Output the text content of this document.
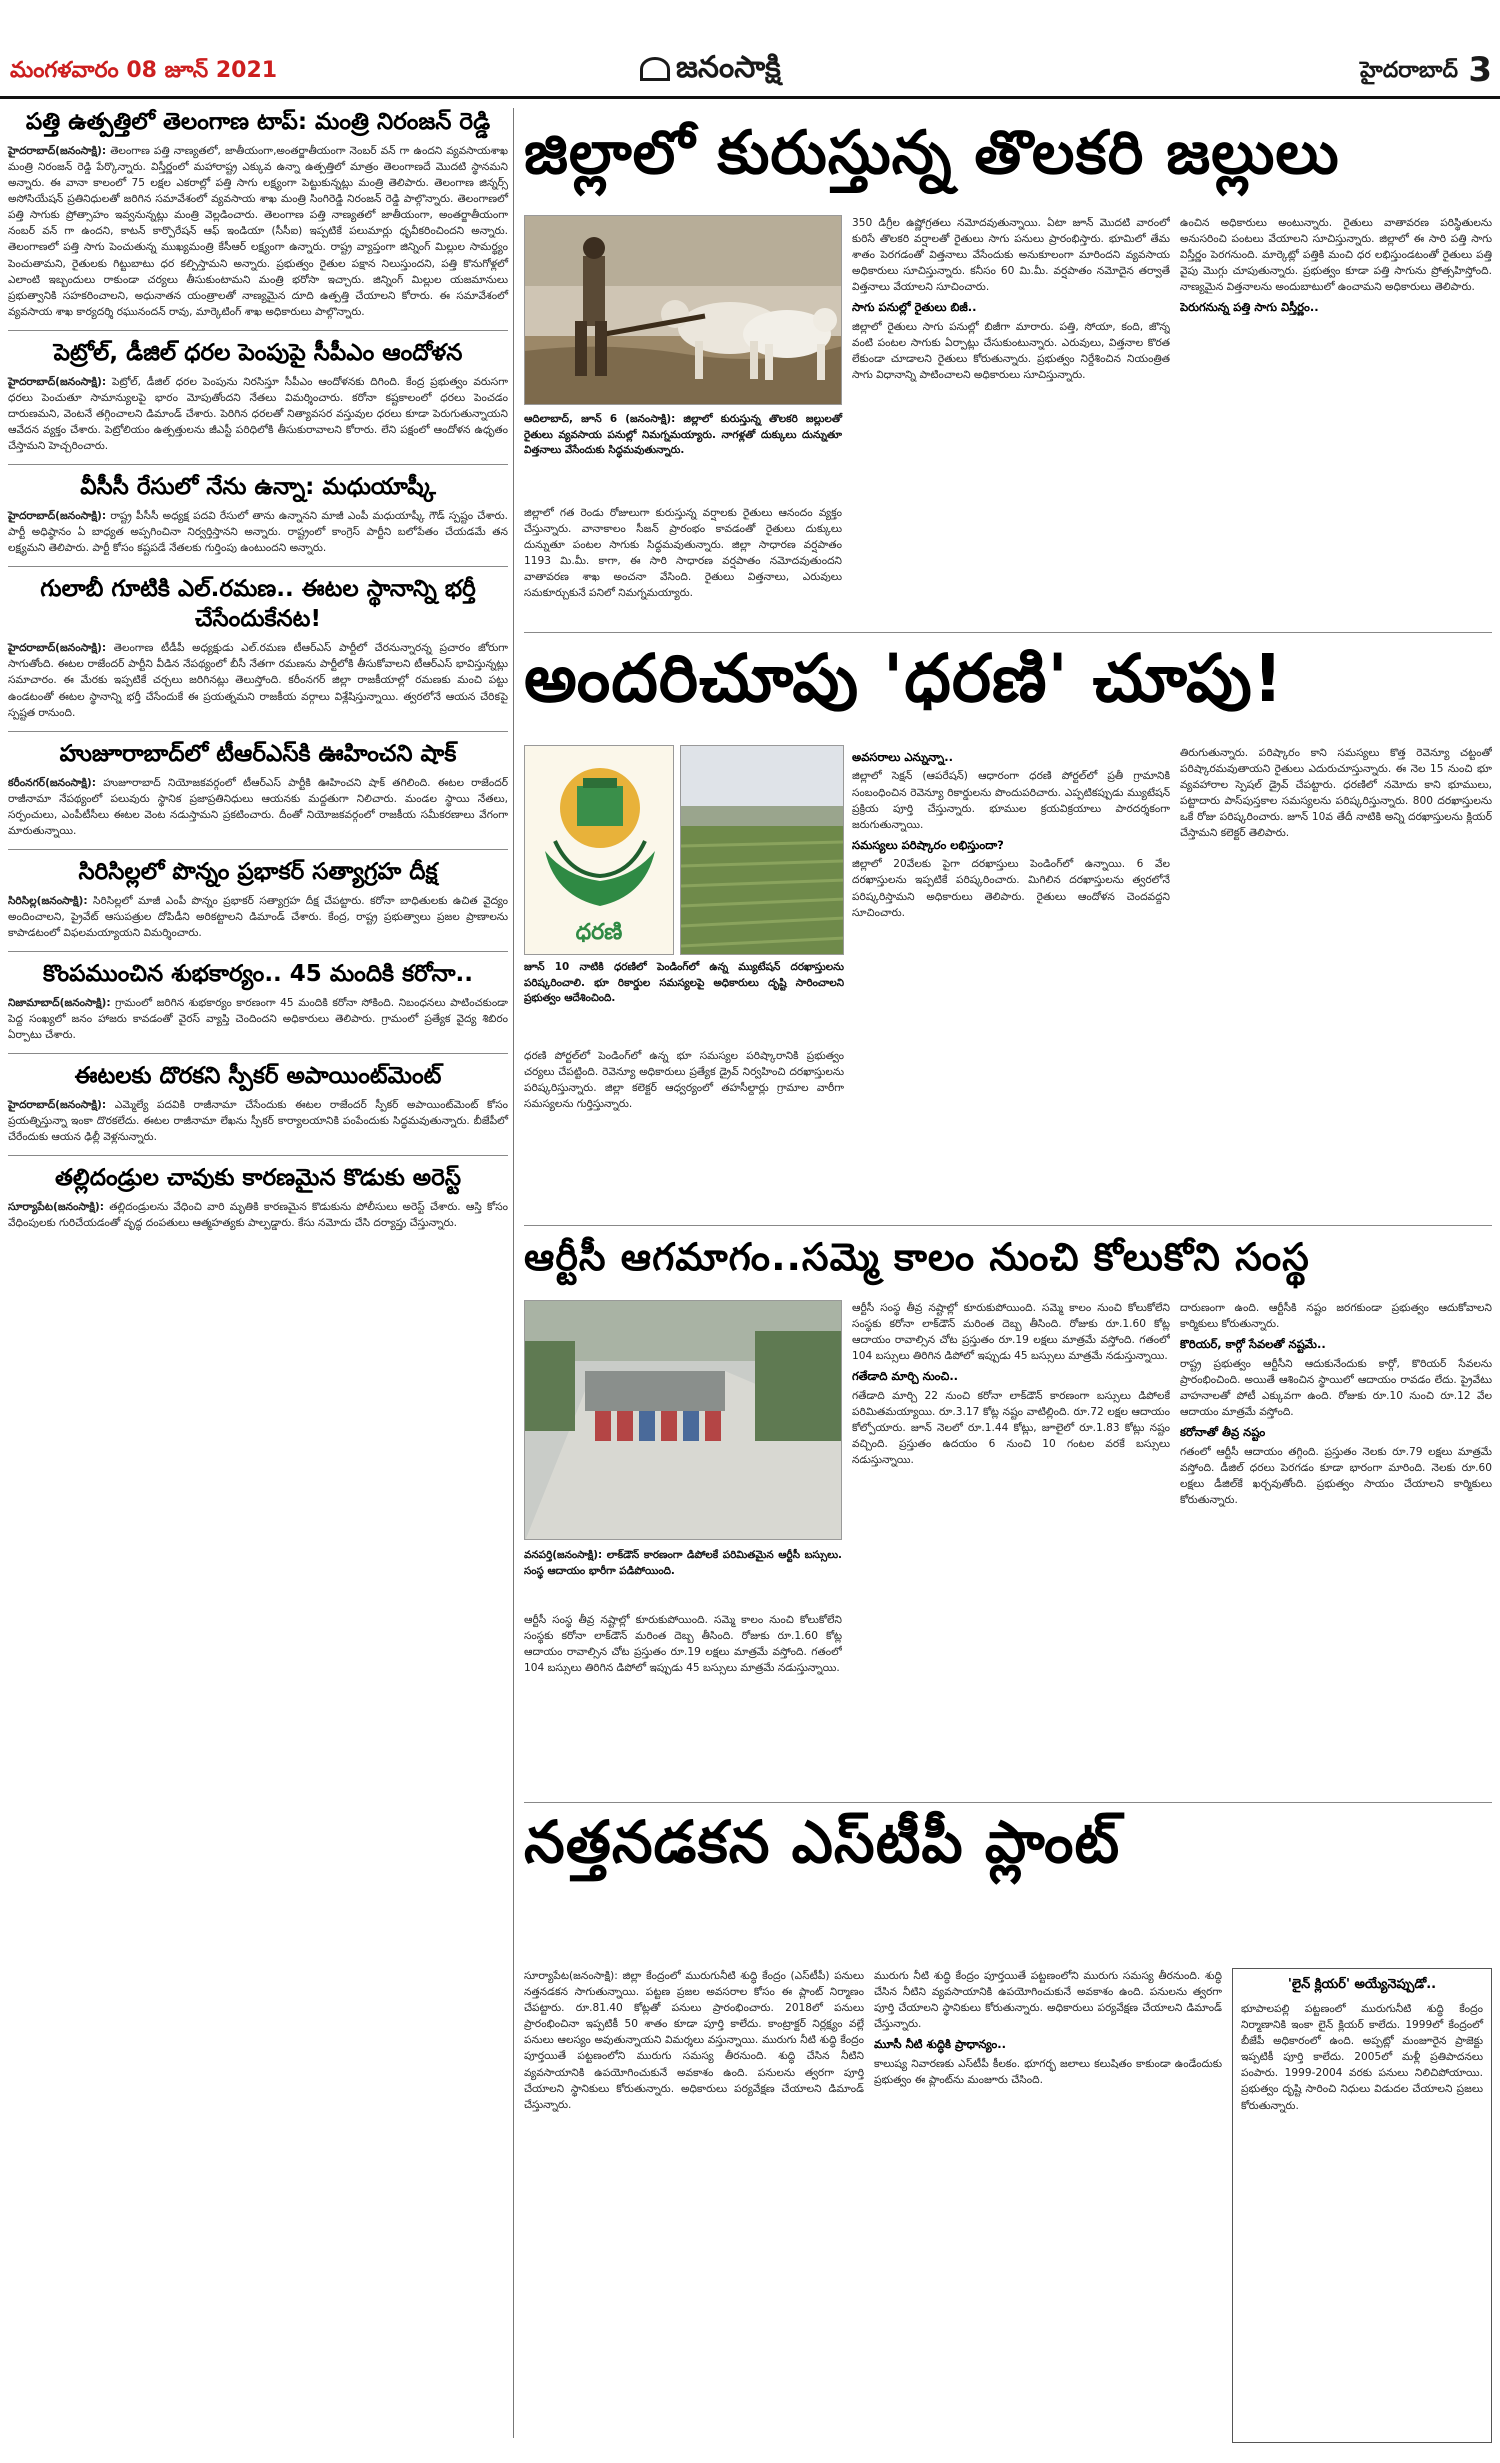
మంగళవారం 08 జూన్ 2021	జనంసాక్షి	హైదరాబాద్ 3
పత్తి ఉత్పత్తిలో తెలంగాణ టాప్: మంత్రి నిరంజన్ రెడ్డి

హైదరాబాద్(జనంసాక్షి): తెలంగాణ పత్తి నాణ్యతలో, జాతీయంగా,అంతర్జాతీయంగా నెంబర్ వన్ గా ఉందని వ్యవసాయశాఖ మంత్రి నిరంజన్ రెడ్డి పేర్కొన్నారు. విస్తీర్ణంలో మహారాష్ట్ర ఎక్కువ ఉన్నా ఉత్పత్తిలో మాత్రం తెలంగాణదే మొదటి స్థానమని అన్నారు. ఈ వానా కాలంలో 75 లక్షల ఎకరాల్లో పత్తి సాగు లక్ష్యంగా పెట్టుకున్నట్లు మంత్రి తెలిపారు. తెలంగాణ జిన్నర్స్ అసోసియేషన్ ప్రతినిధులతో జరిగిన సమావేశంలో వ్యవసాయ శాఖ మంత్రి సింగిరెడ్డి నిరంజన్ రెడ్డి పాల్గొన్నారు. తెలంగాణలో పత్తి సాగుకు ప్రోత్సాహం ఇవ్వనున్నట్లు మంత్రి వెల్లడించారు. తెలంగాణ పత్తి నాణ్యతలో జాతీయంగా, అంతర్జాతీయంగా నంబర్ వన్ గా ఉందని, కాటన్ కార్పొరేషన్ ఆఫ్ ఇండియా (సీసీఐ) ఇప్పటికే పలుమార్లు ధృవీకరించిందని అన్నారు. తెలంగాణలో పత్తి సాగు పెంచుతున్న ముఖ్యమంత్రి కేసీఆర్ లక్ష్యంగా ఉన్నారు. రాష్ట్ర వ్యాప్తంగా జిన్నింగ్ మిల్లుల సామర్థ్యం పెంచుతామని, రైతులకు గిట్టుబాటు ధర కల్పిస్తామని అన్నారు. ప్రభుత్వం రైతుల పక్షాన నిలుస్తుందని, పత్తి కొనుగోళ్లలో ఎలాంటి ఇబ్బందులు రాకుండా చర్యలు తీసుకుంటామని మంత్రి భరోసా ఇచ్చారు. జిన్నింగ్ మిల్లుల యజమానులు ప్రభుత్వానికి సహకరించాలని, అధునాతన యంత్రాలతో నాణ్యమైన దూది ఉత్పత్తి చేయాలని కోరారు. ఈ సమావేశంలో వ్యవసాయ శాఖ కార్యదర్శి రఘునందన్ రావు, మార్కెటింగ్ శాఖ అధికారులు పాల్గొన్నారు.

పెట్రోల్, డీజిల్ ధరల పెంపుపై సీపీఎం ఆందోళన

హైదరాబాద్(జనంసాక్షి): పెట్రోల్, డీజిల్ ధరల పెంపును నిరసిస్తూ సీపీఎం ఆందోళనకు దిగింది. కేంద్ర ప్రభుత్వం వరుసగా ధరలు పెంచుతూ సామాన్యులపై భారం మోపుతోందని నేతలు విమర్శించారు. కరోనా కష్టకాలంలో ధరలు పెంచడం దారుణమని, వెంటనే తగ్గించాలని డిమాండ్ చేశారు. పెరిగిన ధరలతో నిత్యావసర వస్తువుల ధరలు కూడా పెరుగుతున్నాయని ఆవేదన వ్యక్తం చేశారు. పెట్రోలియం ఉత్పత్తులను జీఎస్టీ పరిధిలోకి తీసుకురావాలని కోరారు. లేని పక్షంలో ఆందోళన ఉధృతం చేస్తామని హెచ్చరించారు.

వీసీసీ రేసులో నేను ఉన్నా: మధుయాష్కీ

హైదరాబాద్(జనంసాక్షి): రాష్ట్ర పీసీసీ అధ్యక్ష పదవి రేసులో తాను ఉన్నానని మాజీ ఎంపీ మధుయాష్కీ గౌడ్ స్పష్టం చేశారు. పార్టీ అధిష్ఠానం ఏ బాధ్యత అప్పగించినా నిర్వర్తిస్తానని అన్నారు. రాష్ట్రంలో కాంగ్రెస్ పార్టీని బలోపేతం చేయడమే తన లక్ష్యమని తెలిపారు. పార్టీ కోసం కష్టపడే నేతలకు గుర్తింపు ఉంటుందని అన్నారు.

గులాబీ గూటికి ఎల్.రమణ.. ఈటల స్థానాన్ని భర్తీ చేసేందుకేనట!

హైదరాబాద్(జనంసాక్షి): తెలంగాణ టీడీపీ అధ్యక్షుడు ఎల్.రమణ టీఆర్ఎస్ పార్టీలో చేరనున్నారన్న ప్రచారం జోరుగా సాగుతోంది. ఈటల రాజేందర్ పార్టీని వీడిన నేపథ్యంలో బీసీ నేతగా రమణను పార్టీలోకి తీసుకోవాలని టీఆర్ఎస్ భావిస్తున్నట్లు సమాచారం. ఈ మేరకు ఇప్పటికే చర్చలు జరిగినట్లు తెలుస్తోంది. కరీంనగర్ జిల్లా రాజకీయాల్లో రమణకు మంచి పట్టు ఉండటంతో ఈటల స్థానాన్ని భర్తీ చేసేందుకే ఈ ప్రయత్నమని రాజకీయ వర్గాలు విశ్లేషిస్తున్నాయి. త్వరలోనే ఆయన చేరికపై స్పష్టత రానుంది.

హుజూరాబాద్‌లో టీఆర్ఎస్‌కి ఊహించని షాక్

కరీంనగర్(జనంసాక్షి): హుజూరాబాద్ నియోజకవర్గంలో టీఆర్ఎస్ పార్టీకి ఊహించని షాక్ తగిలింది. ఈటల రాజేందర్ రాజీనామా నేపథ్యంలో పలువురు స్థానిక ప్రజాప్రతినిధులు ఆయనకు మద్దతుగా నిలిచారు. మండల స్థాయి నేతలు, సర్పంచులు, ఎంపీటీసీలు ఈటల వెంట నడుస్తామని ప్రకటించారు. దీంతో నియోజకవర్గంలో రాజకీయ సమీకరణాలు వేగంగా మారుతున్నాయి.

సిరిసిల్లలో పొన్నం ప్రభాకర్ సత్యాగ్రహ దీక్ష

సిరిసిల్ల(జనంసాక్షి): సిరిసిల్లలో మాజీ ఎంపీ పొన్నం ప్రభాకర్ సత్యాగ్రహ దీక్ష చేపట్టారు. కరోనా బాధితులకు ఉచిత వైద్యం అందించాలని, ప్రైవేట్ ఆసుపత్రుల దోపిడీని అరికట్టాలని డిమాండ్ చేశారు. కేంద్ర, రాష్ట్ర ప్రభుత్వాలు ప్రజల ప్రాణాలను కాపాడటంలో విఫలమయ్యాయని విమర్శించారు.

కొంపముంచిన శుభకార్యం.. 45 మందికి కరోనా..

నిజామాబాద్(జనంసాక్షి): గ్రామంలో జరిగిన శుభకార్యం కారణంగా 45 మందికి కరోనా సోకింది. నిబంధనలు పాటించకుండా పెద్ద సంఖ్యలో జనం హాజరు కావడంతో వైరస్ వ్యాప్తి చెందిందని అధికారులు తెలిపారు. గ్రామంలో ప్రత్యేక వైద్య శిబిరం ఏర్పాటు చేశారు.

ఈటలకు దొరకని స్పీకర్ అపాయింట్‌మెంట్

హైదరాబాద్(జనంసాక్షి): ఎమ్మెల్యే పదవికి రాజీనామా చేసేందుకు ఈటల రాజేందర్ స్పీకర్ అపాయింట్‌మెంట్ కోసం ప్రయత్నిస్తున్నా ఇంకా దొరకలేదు. ఈటల రాజీనామా లేఖను స్పీకర్ కార్యాలయానికి పంపేందుకు సిద్ధమవుతున్నారు. బీజేపీలో చేరేందుకు ఆయన ఢిల్లీ వెళ్లనున్నారు.

తల్లిదండ్రుల చావుకు కారణమైన కొడుకు అరెస్ట్

సూర్యాపేట(జనంసాక్షి): తల్లిదండ్రులను వేధించి వారి మృతికి కారణమైన కొడుకును పోలీసులు అరెస్ట్ చేశారు. ఆస్తి కోసం వేధింపులకు గురిచేయడంతో వృద్ధ దంపతులు ఆత్మహత్యకు పాల్పడ్డారు. కేసు నమోదు చేసి దర్యాప్తు చేస్తున్నారు.

జిల్లాలో కురుస్తున్న తొలకరి జల్లులు
ఆదిలాబాద్, జూన్ 6 (జనంసాక్షి): జిల్లాలో కురుస్తున్న తొలకరి జల్లులతో రైతులు వ్యవసాయ పనుల్లో నిమగ్నమయ్యారు. నాగళ్లతో దుక్కులు దున్నుతూ విత్తనాలు వేసేందుకు సిద్ధమవుతున్నారు.
జిల్లాలో గత రెండు రోజులుగా కురుస్తున్న వర్షాలకు రైతులు ఆనందం వ్యక్తం చేస్తున్నారు. వానాకాలం సీజన్ ప్రారంభం కావడంతో రైతులు దుక్కులు దున్నుతూ పంటల సాగుకు సిద్ధమవుతున్నారు. జిల్లా సాధారణ వర్షపాతం 1193 మి.మీ. కాగా, ఈ సారి సాధారణ వర్షపాతం నమోదవుతుందని వాతావరణ శాఖ అంచనా వేసింది. రైతులు విత్తనాలు, ఎరువులు సమకూర్చుకునే పనిలో నిమగ్నమయ్యారు.
350 డిగ్రీల ఉష్ణోగ్రతలు నమోదవుతున్నాయి. ఏటా జూన్ మొదటి వారంలో కురిసే తొలకరి వర్షాలతో రైతులు సాగు పనులు ప్రారంభిస్తారు. భూమిలో తేమ శాతం పెరగడంతో విత్తనాలు వేసేందుకు అనుకూలంగా మారిందని వ్యవసాయ అధికారులు సూచిస్తున్నారు. కనీసం 60 మి.మీ. వర్షపాతం నమోదైన తర్వాతే విత్తనాలు వేయాలని సూచించారు.
సాగు పనుల్లో రైతులు బిజీ..
జిల్లాలో రైతులు సాగు పనుల్లో బిజీగా మారారు. పత్తి, సోయా, కంది, జొన్న వంటి పంటల సాగుకు ఏర్పాట్లు చేసుకుంటున్నారు. ఎరువులు, విత్తనాల కొరత లేకుండా చూడాలని రైతులు కోరుతున్నారు. ప్రభుత్వం నిర్దేశించిన నియంత్రిత సాగు విధానాన్ని పాటించాలని అధికారులు సూచిస్తున్నారు.
ఉంచిన అధికారులు అంటున్నారు. రైతులు వాతావరణ పరిస్థితులను అనుసరించి పంటలు వేయాలని సూచిస్తున్నారు. జిల్లాలో ఈ సారి పత్తి సాగు విస్తీర్ణం పెరగనుంది. మార్కెట్లో పత్తికి మంచి ధర లభిస్తుండటంతో రైతులు పత్తి వైపు మొగ్గు చూపుతున్నారు. ప్రభుత్వం కూడా పత్తి సాగును ప్రోత్సహిస్తోంది. నాణ్యమైన విత్తనాలను అందుబాటులో ఉంచామని అధికారులు తెలిపారు.
పెరుగనున్న పత్తి సాగు విస్తీర్ణం..
అందరిచూపు 'ధరణి' చూపు!
ధరణి
జూన్ 10 నాటికి ధరణిలో పెండింగ్‌లో ఉన్న మ్యుటేషన్ దరఖాస్తులను పరిష్కరించాలి. భూ రికార్డుల సమస్యలపై అధికారులు దృష్టి సారించాలని ప్రభుత్వం ఆదేశించింది.
ధరణి పోర్టల్‌లో పెండింగ్‌లో ఉన్న భూ సమస్యల పరిష్కారానికి ప్రభుత్వం చర్యలు చేపట్టింది. రెవెన్యూ అధికారులు ప్రత్యేక డ్రైవ్ నిర్వహించి దరఖాస్తులను పరిష్కరిస్తున్నారు. జిల్లా కలెక్టర్ ఆధ్వర్యంలో తహసీల్దార్లు గ్రామాల వారీగా సమస్యలను గుర్తిస్తున్నారు.
అవసరాలు ఎన్నున్నా..
జిల్లాలో సెక్షన్ (ఆపరేషన్) ఆధారంగా ధరణి పోర్టల్‌లో ప్రతీ గ్రామానికి సంబంధించిన రెవెన్యూ రికార్డులను పొందుపరిచారు. ఎప్పటికప్పుడు మ్యుటేషన్ ప్రక్రియ పూర్తి చేస్తున్నారు. భూముల క్రయవిక్రయాలు పారదర్శకంగా జరుగుతున్నాయి.
సమస్యలు పరిష్కారం లభిస్తుందా?
జిల్లాలో 20వేలకు పైగా దరఖాస్తులు పెండింగ్‌లో ఉన్నాయి. 6 వేల దరఖాస్తులను ఇప్పటికే పరిష్కరించారు. మిగిలిన దరఖాస్తులను త్వరలోనే పరిష్కరిస్తామని అధికారులు తెలిపారు. రైతులు ఆందోళన చెందవద్దని సూచించారు.
తిరుగుతున్నారు. పరిష్కారం కాని సమస్యలు కొత్త రెవెన్యూ చట్టంతో పరిష్కారమవుతాయని రైతులు ఎదురుచూస్తున్నారు. ఈ నెల 15 నుంచి భూ వ్యవహారాల స్పెషల్ డ్రైవ్ చేపట్టారు. ధరణిలో నమోదు కాని భూములు, పట్టాదారు పాస్‌పుస్తకాల సమస్యలను పరిష్కరిస్తున్నారు. 800 దరఖాస్తులను ఒకే రోజు పరిష్కరించారు. జూన్ 10వ తేదీ నాటికి అన్ని దరఖాస్తులను క్లియర్ చేస్తామని కలెక్టర్ తెలిపారు.
ఆర్టీసీ ఆగమాగం..సమ్మె కాలం నుంచి కోలుకోని సంస్థ
వనపర్తి(జనంసాక్షి): లాక్‌డౌన్ కారణంగా డిపోలకే పరిమితమైన ఆర్టీసీ బస్సులు. సంస్థ ఆదాయం భారీగా పడిపోయింది.
ఆర్టీసీ సంస్థ తీవ్ర నష్టాల్లో కూరుకుపోయింది. సమ్మె కాలం నుంచి కోలుకోలేని సంస్థకు కరోనా లాక్‌డౌన్ మరింత దెబ్బ తీసింది. రోజుకు రూ.1.60 కోట్ల ఆదాయం రావాల్సిన చోట ప్రస్తుతం రూ.19 లక్షలు మాత్రమే వస్తోంది. గతంలో 104 బస్సులు తిరిగిన డిపోలో ఇప్పుడు 45 బస్సులు మాత్రమే నడుస్తున్నాయి.
ఆర్టీసీ సంస్థ తీవ్ర నష్టాల్లో కూరుకుపోయింది. సమ్మె కాలం నుంచి కోలుకోలేని సంస్థకు కరోనా లాక్‌డౌన్ మరింత దెబ్బ తీసింది. రోజుకు రూ.1.60 కోట్ల ఆదాయం రావాల్సిన చోట ప్రస్తుతం రూ.19 లక్షలు మాత్రమే వస్తోంది. గతంలో 104 బస్సులు తిరిగిన డిపోలో ఇప్పుడు 45 బస్సులు మాత్రమే నడుస్తున్నాయి.
గతేడాది మార్చి నుంచి..
గతేడాది మార్చి 22 నుంచి కరోనా లాక్‌డౌన్ కారణంగా బస్సులు డిపోలకే పరిమితమయ్యాయి. రూ.3.17 కోట్ల నష్టం వాటిల్లింది. రూ.72 లక్షల ఆదాయం కోల్పోయారు. జూన్ నెలలో రూ.1.44 కోట్లు, జూలైలో రూ.1.83 కోట్లు నష్టం వచ్చింది. ప్రస్తుతం ఉదయం 6 నుంచి 10 గంటల వరకే బస్సులు నడుస్తున్నాయి.
దారుణంగా ఉంది. ఆర్టీసీకి నష్టం జరగకుండా ప్రభుత్వం ఆదుకోవాలని కార్మికులు కోరుతున్నారు.
కొరియర్, కార్గో సేవలతో నష్టమే..
రాష్ట్ర ప్రభుత్వం ఆర్టీసీని ఆదుకునేందుకు కార్గో, కొరియర్ సేవలను ప్రారంభించింది. అయితే ఆశించిన స్థాయిలో ఆదాయం రావడం లేదు. ప్రైవేటు వాహనాలతో పోటీ ఎక్కువగా ఉంది. రోజుకు రూ.10 నుంచి రూ.12 వేల ఆదాయం మాత్రమే వస్తోంది.
కరోనాతో తీవ్ర నష్టం
గతంలో ఆర్టీసీ ఆదాయం తగ్గింది. ప్రస్తుతం నెలకు రూ.79 లక్షలు మాత్రమే వస్తోంది. డీజిల్ ధరలు పెరగడం కూడా భారంగా మారింది. నెలకు రూ.60 లక్షలు డీజిల్‌కే ఖర్చవుతోంది. ప్రభుత్వం సాయం చేయాలని కార్మికులు కోరుతున్నారు.
నత్తనడకన ఎస్‌టీపీ ప్లాంట్
సూర్యాపేట(జనంసాక్షి): జిల్లా కేంద్రంలో మురుగునీటి శుద్ధి కేంద్రం (ఎస్‌టీపీ) పనులు నత్తనడకన సాగుతున్నాయి. పట్టణ ప్రజల అవసరాల కోసం ఈ ప్లాంట్ నిర్మాణం చేపట్టారు. రూ.81.40 కోట్లతో పనులు ప్రారంభించారు. 2018లో పనులు ప్రారంభించినా ఇప్పటికీ 50 శాతం కూడా పూర్తి కాలేదు. కాంట్రాక్టర్ నిర్లక్ష్యం వల్లే పనులు ఆలస్యం అవుతున్నాయని విమర్శలు వస్తున్నాయి. మురుగు నీటి శుద్ధి కేంద్రం పూర్తయితే పట్టణంలోని మురుగు సమస్య తీరనుంది. శుద్ధి చేసిన నీటిని వ్యవసాయానికి ఉపయోగించుకునే అవకాశం ఉంది. పనులను త్వరగా పూర్తి చేయాలని స్థానికులు కోరుతున్నారు. అధికారులు పర్యవేక్షణ చేయాలని డిమాండ్ చేస్తున్నారు.
మురుగు నీటి శుద్ధి కేంద్రం పూర్తయితే పట్టణంలోని మురుగు సమస్య తీరనుంది. శుద్ధి చేసిన నీటిని వ్యవసాయానికి ఉపయోగించుకునే అవకాశం ఉంది. పనులను త్వరగా పూర్తి చేయాలని స్థానికులు కోరుతున్నారు. అధికారులు పర్యవేక్షణ చేయాలని డిమాండ్ చేస్తున్నారు.
మూసీ నీటి శుద్ధికి ప్రాధాన్యం..
కాలుష్య నివారణకు ఎస్‌టీపీ కీలకం. భూగర్భ జలాలు కలుషితం కాకుండా ఉండేందుకు ప్రభుత్వం ఈ ప్లాంట్‌ను మంజూరు చేసింది.
'లైన్ క్లియర్' అయ్యేనెప్పుడో..

భూపాలపల్లి పట్టణంలో మురుగునీటి శుద్ధి కేంద్రం నిర్మాణానికి ఇంకా లైన్ క్లియర్ కాలేదు. 1999లో కేంద్రంలో బీజేపీ అధికారంలో ఉంది. అప్పట్లో మంజూరైన ప్రాజెక్టు ఇప్పటికీ పూర్తి కాలేదు. 2005లో మళ్లీ ప్రతిపాదనలు పంపారు. 1999-2004 వరకు పనులు నిలిచిపోయాయి. ప్రభుత్వం దృష్టి సారించి నిధులు విడుదల చేయాలని ప్రజలు కోరుతున్నారు.
